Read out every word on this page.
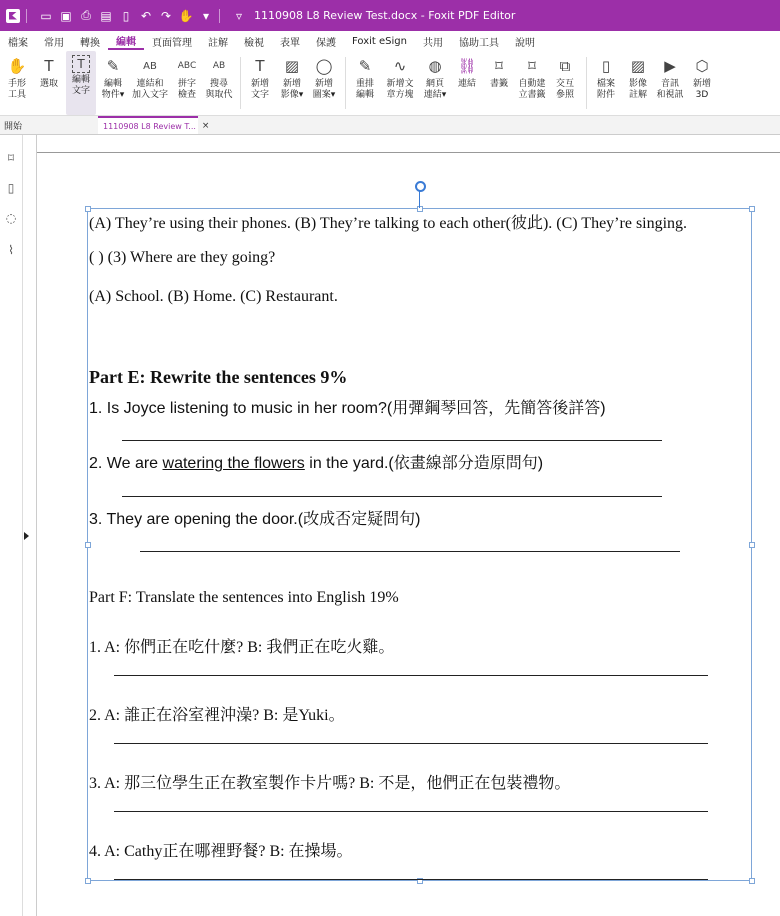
▭ ▣ ⎙ ▤ ▯ ↶ ↷ ✋ ▾	▿	1110908 L8 Review Test.docx - Foxit PDF Editor
檔案	常用	轉換	編輯	頁面管理	註解	檢視	表單	保護	Foxit eSign	共用	協助工具	說明
✋
手形
工具
T
選取
T
編輯
文字
✎
編輯
物件▾
AB
連結和
加入文字
ABC
拼字
檢查
AB
搜尋
與取代
T
新增
文字
▨
新增
影像▾
◯
新增
圖案▾
✎
重排
編輯
∿
新增文
章方塊
◍
網頁
連結▾
⛓
連結
⌑
書籤
⌑
自動建
立書籤
⧉
交互
參照
▯
檔案
附件
▨
影像
註解
▶
音訊
和視訊
⬡
新增
3D
開始	1110908 L8 Review T... ×
⌑
▯
◌
⌇
(A) They’re using their phones. (B) They’re talking to each other(彼此). (C) They’re singing.
( ) (3) Where are they going?
(A) School. (B) Home. (C) Restaurant.
Part E: Rewrite the sentences 9%
1. Is Joyce listening to music in her room?(用彈鋼琴回答，先簡答後詳答)
2. We are watering the flowers in the yard.(依畫線部分造原問句)
3. They are opening the door.(改成否定疑問句)
Part F: Translate the sentences into English 19%
1. A: 你們正在吃什麼? B: 我們正在吃火雞。
2. A: 誰正在浴室裡沖澡? B: 是Yuki。
3. A: 那三位學生正在教室製作卡片嗎? B: 不是，他們正在包裝禮物。
4. A: Cathy正在哪裡野餐? B: 在操場。
